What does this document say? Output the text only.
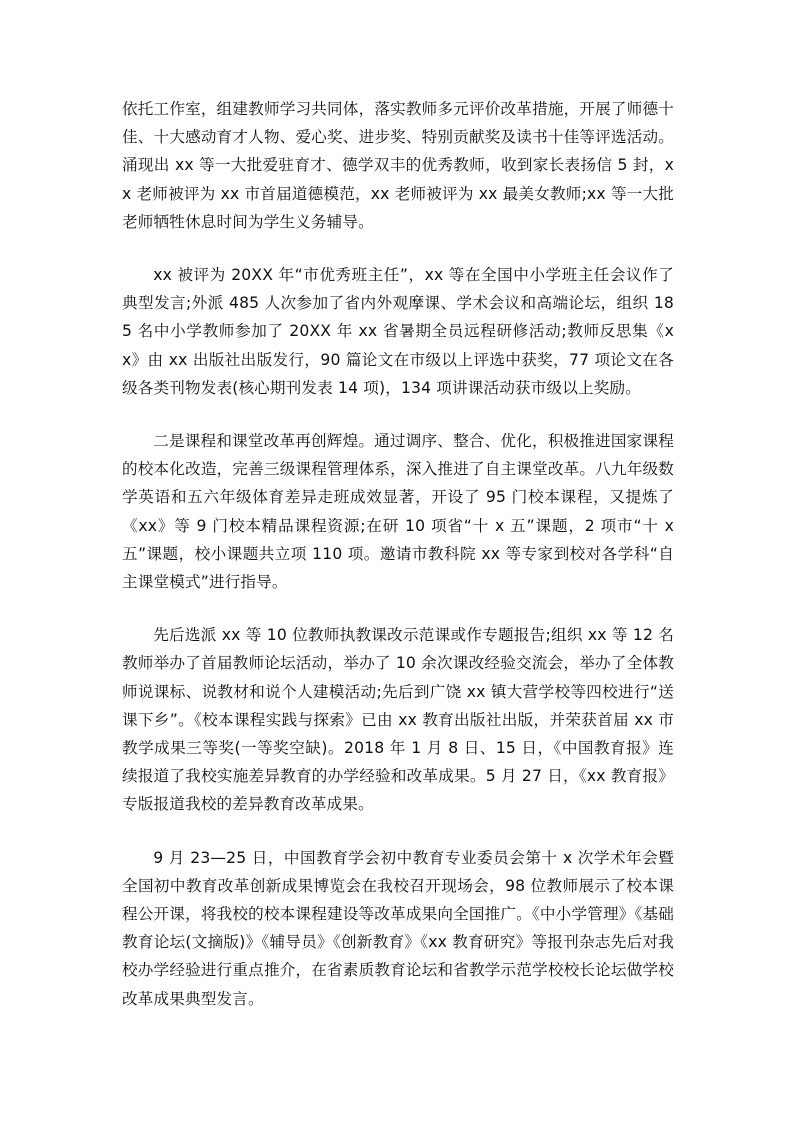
依托工作室，组建教师学习共同体，落实教师多元评价改革措施，开展了师德十佳、十大感动育才人物、爱心奖、进步奖、特别贡献奖及读书十佳等评选活动。涌现出 xx 等一大批爱驻育才、德学双丰的优秀教师，收到家长表扬信 5 封，xx 老师被评为 xx 市首届道德模范，xx 老师被评为 xx 最美女教师;xx 等一大批老师牺牲休息时间为学生义务辅导。

xx 被评为 20XX 年“市优秀班主任”，xx 等在全国中小学班主任会议作了典型发言;外派 485 人次参加了省内外观摩课、学术会议和高端论坛，组织 185 名中小学教师参加了 20XX 年 xx 省暑期全员远程研修活动;教师反思集《xx》由 xx 出版社出版发行，90 篇论文在市级以上评选中获奖，77 项论文在各级各类刊物发表(核心期刊发表 14 项)，134 项讲课活动获市级以上奖励。

二是课程和课堂改革再创辉煌。通过调序、整合、优化，积极推进国家课程的校本化改造，完善三级课程管理体系，深入推进了自主课堂改革。八九年级数学英语和五六年级体育差异走班成效显著，开设了 95 门校本课程，又提炼了《xx》等 9 门校本精品课程资源;在研 10 项省“十 x 五”课题，2 项市“十 x 五”课题，校小课题共立项 110 项。邀请市教科院 xx 等专家到校对各学科“自主课堂模式”进行指导。

先后选派 xx 等 10 位教师执教课改示范课或作专题报告;组织 xx 等 12 名教师举办了首届教师论坛活动，举办了 10 余次课改经验交流会，举办了全体教师说课标、说教材和说个人建模活动;先后到广饶 xx 镇大营学校等四校进行“送课下乡”。《校本课程实践与探索》已由 xx 教育出版社出版，并荣获首届 xx 市教学成果三等奖(一等奖空缺)。2018 年 1 月 8 日、15 日，《中国教育报》连续报道了我校实施差异教育的办学经验和改革成果。5 月 27 日，《xx 教育报》专版报道我校的差异教育改革成果。

9 月 23—25 日，中国教育学会初中教育专业委员会第十 x 次学术年会暨全国初中教育改革创新成果博览会在我校召开现场会，98 位教师展示了校本课程公开课，将我校的校本课程建设等改革成果向全国推广。《中小学管理》《基础教育论坛(文摘版)》《辅导员》《创新教育》《xx 教育研究》等报刊杂志先后对我校办学经验进行重点推介，在省素质教育论坛和省教学示范学校校长论坛做学校改革成果典型发言。
